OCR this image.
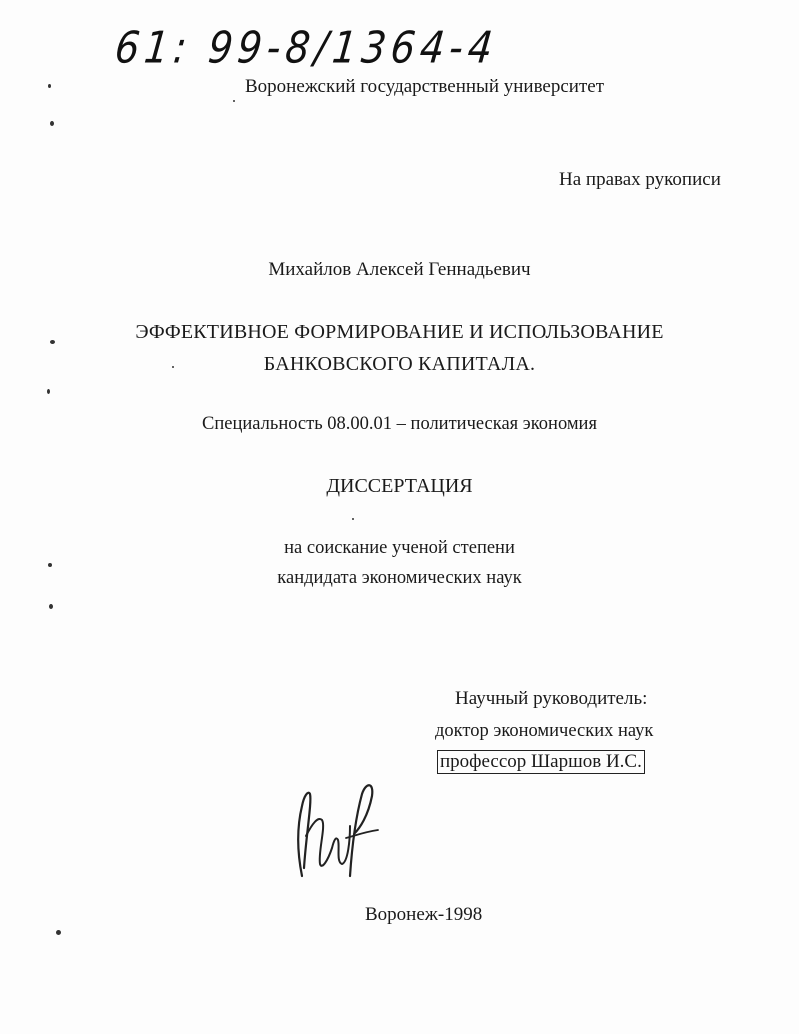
61: 99-8/1364-4
Воронежский государственный университет
На правах рукописи
Михайлов Алексей Геннадьевич
ЭФФЕКТИВНОЕ ФОРМИРОВАНИЕ И ИСПОЛЬЗОВАНИЕ
БАНКОВСКОГО КАПИТАЛА.
Специальность 08.00.01 – политическая экономия
ДИССЕРТАЦИЯ
на соискание ученой степени
кандидата экономических наук
Научный руководитель:
доктор экономических наук
профессор Шаршов И.С.
Воронеж-1998
